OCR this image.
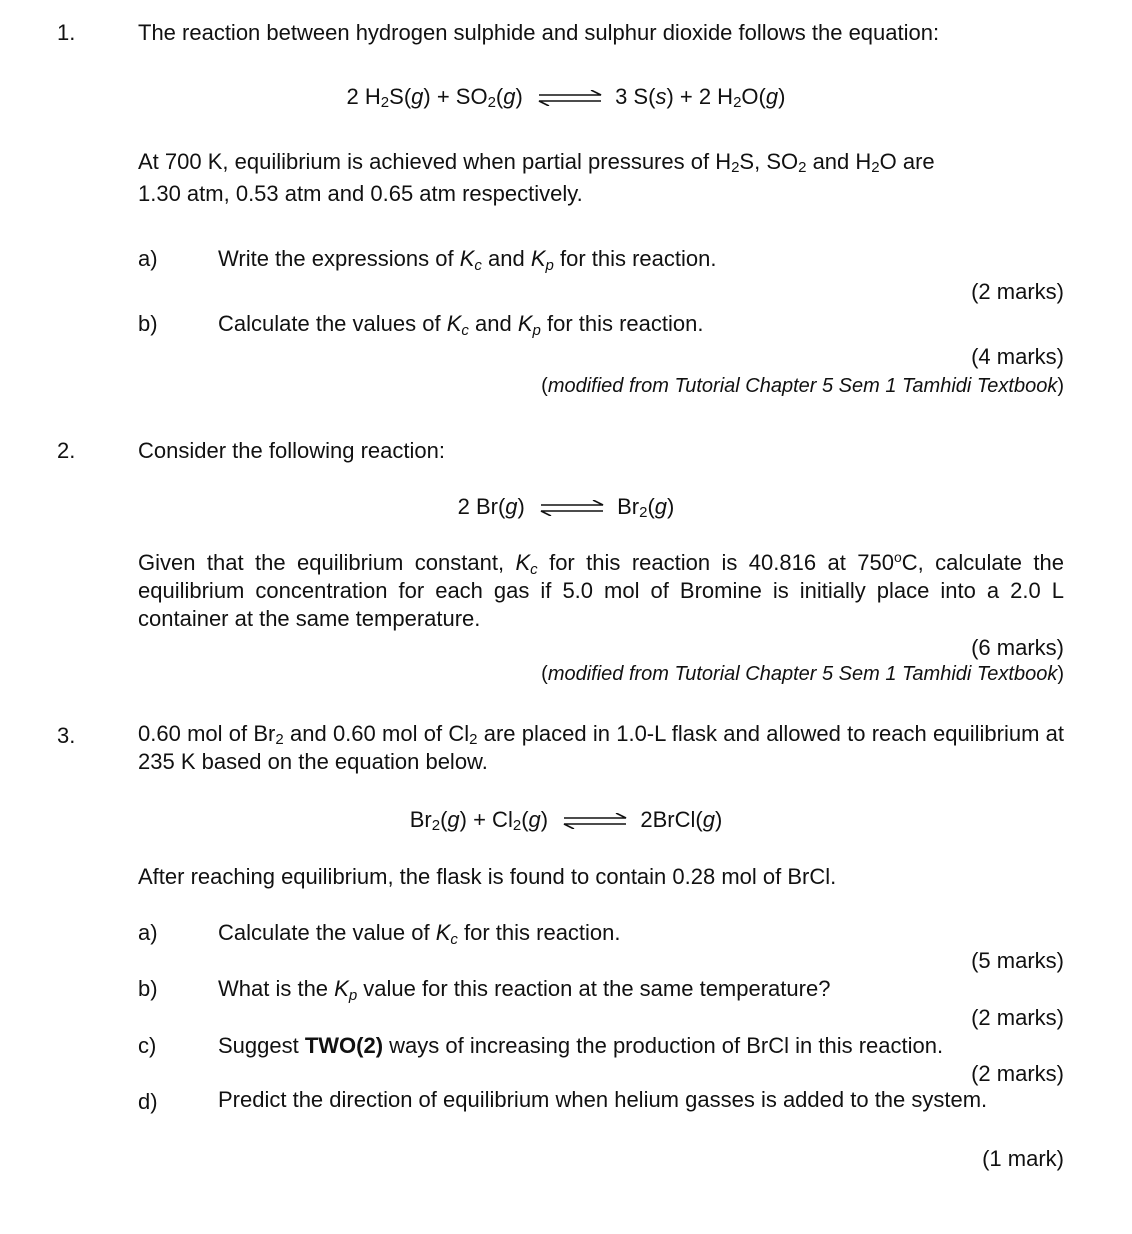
1.	The reaction between hydrogen sulphide and sulphur dioxide follows the equation:
2 $H_2S(g) + SO_2(g)$ ⇌ 3 S(s) + 2 $H_2O(g)$
At 700 K, equilibrium is achieved when partial pressures of $H_2S$, $SO_2$ and $H_2O$ are
1.30 atm, 0.53 atm and 0.65 atm respectively.
a)	Write the expressions of Kc and Kp for this reaction.
(2 marks)
b)	Calculate the values of Kc and Kp for this reaction.
(4 marks)
(modified from Tutorial Chapter 5 Sem 1 Tamhidi Textbook)
2.	Consider the following reaction:
2 Br(g) ⇌ $Br_2(g)$
Given that the equilibrium constant, Kc for this reaction is 40.816 at 750$^o$C, calculate the equilibrium concentration for each gas if 5.0 mol of Bromine is initially place into a 2.0 L container at the same temperature.
(6 marks)
(modified from Tutorial Chapter 5 Sem 1 Tamhidi Textbook)
3.	0.60 mol of $Br_2$ and 0.60 mol of $Cl_2$ are placed in 1.0-L flask and allowed to reach equilibrium at 235 K based on the equation below.
$Br_2(g) + Cl_2(g)$ ⇌ 2BrCl(g)
After reaching equilibrium, the flask is found to contain 0.28 mol of BrCl.
a)	Calculate the value of Kc for this reaction.
(5 marks)
b)	What is the Kp value for this reaction at the same temperature?
(2 marks)
c)	Suggest TWO(2) ways of increasing the production of BrCl in this reaction.
(2 marks)
d)	Predict the direction of equilibrium when helium gasses is added to the system.
(1 mark)
